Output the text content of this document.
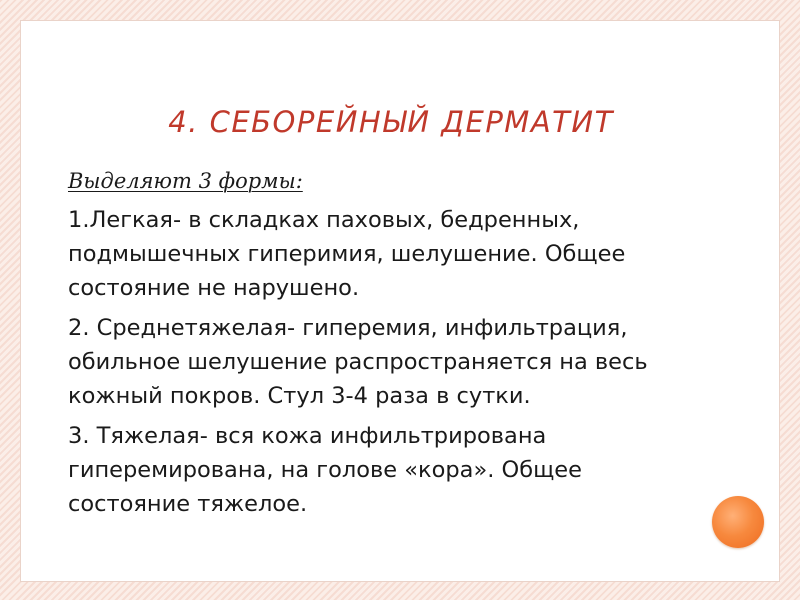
4. СЕБОРЕЙНЫЙ ДЕРМАТИТ
Выделяют 3 формы:

1.Легкая- в складках паховых, бедренных, подмышечных гиперимия, шелушение. Общее состояние не нарушено.

2. Среднетяжелая- гиперемия, инфильтрация, обильное шелушение распространяется на весь кожный покров. Стул 3-4 раза в сутки.

3. Тяжелая- вся кожа инфильтрирована гиперемирована, на голове «кора». Общее состояние тяжелое.
